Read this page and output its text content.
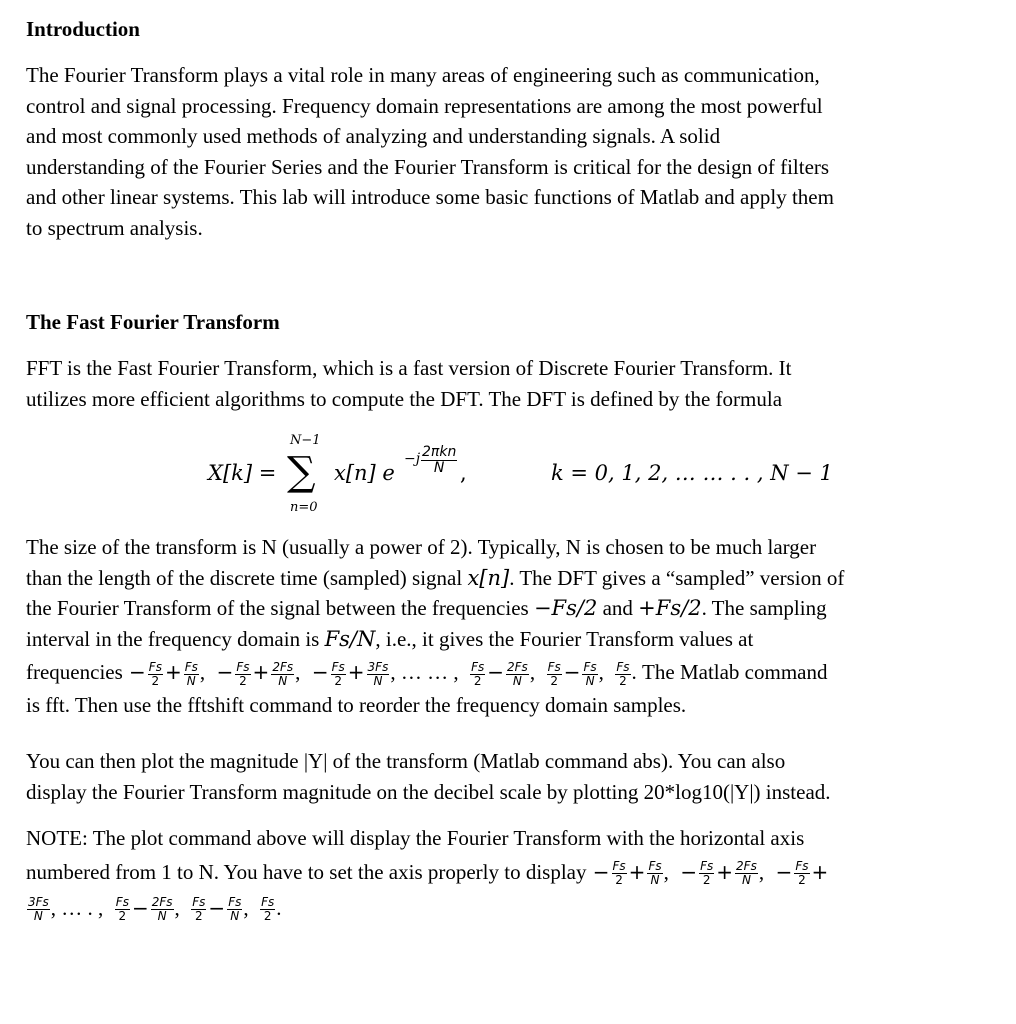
Introduction
The Fourier Transform plays a vital role in many areas of engineering such as communication,
control and signal processing. Frequency domain representations are among the most powerful
and most commonly used methods of analyzing and understanding signals. A solid
understanding of the Fourier Series and the Fourier Transform is critical for the design of filters
and other linear systems. This lab will introduce some basic functions of Matlab and apply them
to spectrum analysis.
The Fast Fourier Transform
FFT is the Fast Fourier Transform, which is a fast version of Discrete Fourier Transform. It
utilizes more efficient algorithms to compute the DFT. The DFT is defined by the formula
X[k] =
N−1
∑
n=0
x[n] e
−j 2πkn
N ,	k = 0, 1, 2, … … . . , N − 1
The size of the transform is N (usually a power of 2). Typically, N is chosen to be much larger
than the length of the discrete time (sampled) signal x[n]. The DFT gives a “sampled” version of
the Fourier Transform of the signal between the frequencies −Fs/2 and +Fs/2. The sampling
interval in the frequency domain is Fs/N, i.e., it gives the Fourier Transform values at
frequencies − $\frac{Fs}{2} + \frac{Fs}{N}$ ,  − $\frac{Fs}{2} + \frac{2Fs}{N}$ ,  − $\frac{Fs}{2} + \frac{3Fs}{N}$ , … … , $\frac{Fs}{2} - \frac{2Fs}{N}$ , $\frac{Fs}{2} - \frac{Fs}{N}$ , $\frac{Fs}{2}$ . The Matlab command
is fft. Then use the fftshift command to reorder the frequency domain samples.
You can then plot the magnitude |Y| of the transform (Matlab command abs). You can also
display the Fourier Transform magnitude on the decibel scale by plotting 20*log10(|Y|) instead.
NOTE: The plot command above will display the Fourier Transform with the horizontal axis
numbered from 1 to N. You have to set the axis properly to display − $\frac{Fs}{2} + \frac{Fs}{N}$ ,  − $\frac{Fs}{2} + \frac{2Fs}{N}$ ,  − $\frac{Fs}{2}$ +
$\frac{3Fs}{N}$ , … . , $\frac{Fs}{2} - \frac{2Fs}{N}$ , $\frac{Fs}{2} - \frac{Fs}{N}$ , $\frac{Fs}{2}$ .
